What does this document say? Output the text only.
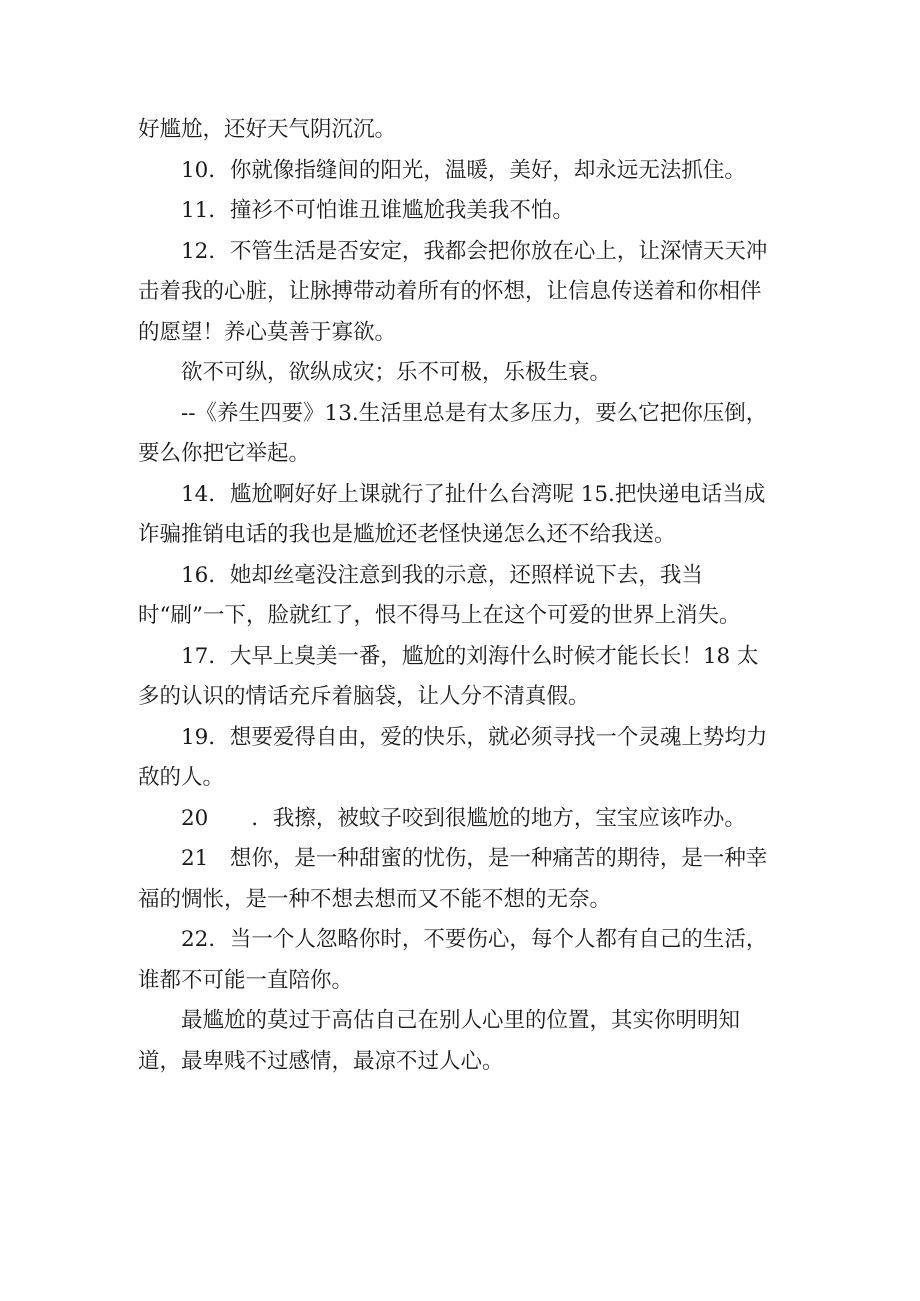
好尴尬，还好天气阴沉沉。

10．你就像指缝间的阳光，温暖，美好，却永远无法抓住。

11．撞衫不可怕谁丑谁尴尬我美我不怕。

12．不管生活是否安定，我都会把你放在心上，让深情天天冲击着我的心脏，让脉搏带动着所有的怀想，让信息传送着和你相伴的愿望！养心莫善于寡欲。

欲不可纵，欲纵成灾；乐不可极，乐极生衰。

--《养生四要》13.生活里总是有太多压力，要么它把你压倒，要么你把它举起。

14．尴尬啊好好上课就行了扯什么台湾呢 15.把快递电话当成诈骗推销电话的我也是尴尬还老怪快递怎么还不给我送。

16．她却丝毫没注意到我的示意，还照样说下去，我当时“刷”一下，脸就红了，恨不得马上在这个可爱的世界上消失。

17．大早上臭美一番，尴尬的刘海什么时候才能长长！18 太多的认识的情话充斥着脑袋，让人分不清真假。

19．想要爱得自由，爱的快乐，就必须寻找一个灵魂上势均力敌的人。

20　　．我擦，被蚊子咬到很尴尬的地方，宝宝应该咋办。

21　想你，是一种甜蜜的忧伤，是一种痛苦的期待，是一种幸福的惆怅，是一种不想去想而又不能不想的无奈。

22．当一个人忽略你时，不要伤心，每个人都有自己的生活，谁都不可能一直陪你。

最尴尬的莫过于高估自己在别人心里的位置，其实你明明知道，最卑贱不过感情，最凉不过人心。
